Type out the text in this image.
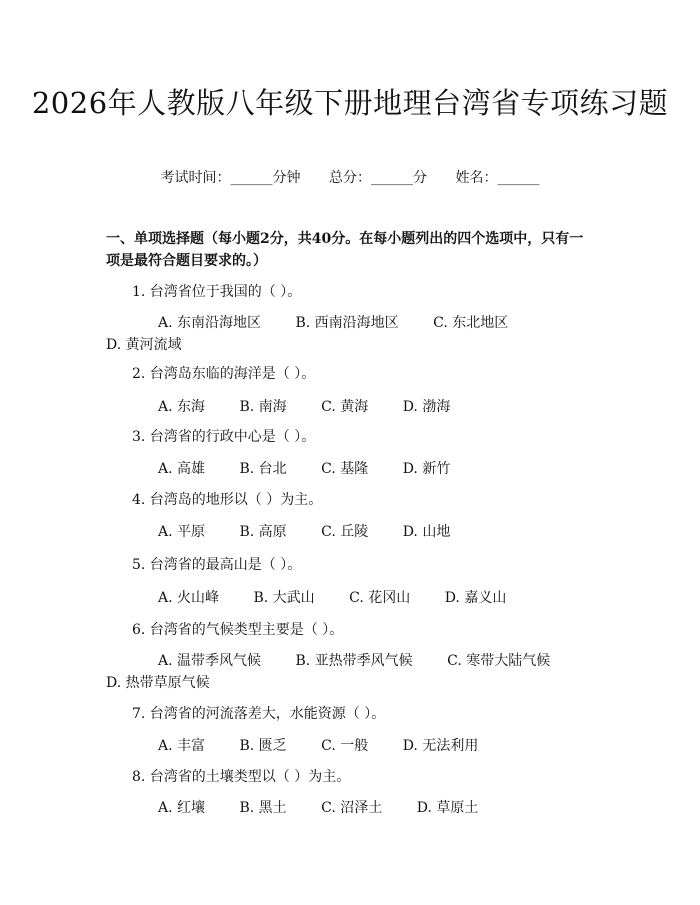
2026年人教版八年级下册地理台湾省专项练习题
考试时间：______分钟 总分：______分 姓名：______
一、单项选择题（每小题2分，共40分。在每小题列出的四个选项中，只有一项是最符合题目要求的。）
1. 台湾省位于我国的（ ）。
A. 东南沿海地区 B. 西南沿海地区 C. 东北地区 D. 黄河流域
2. 台湾岛东临的海洋是（ ）。
A. 东海 B. 南海 C. 黄海 D. 渤海
3. 台湾省的行政中心是（ ）。
A. 高雄 B. 台北 C. 基隆 D. 新竹
4. 台湾岛的地形以（ ）为主。
A. 平原 B. 高原 C. 丘陵 D. 山地
5. 台湾省的最高山是（ ）。
A. 火山峰 B. 大武山 C. 花冈山 D. 嘉义山
6. 台湾省的气候类型主要是（ ）。
A. 温带季风气候 B. 亚热带季风气候 C. 寒带大陆气候 D. 热带草原气候
7. 台湾省的河流落差大，水能资源（ ）。
A. 丰富 B. 匮乏 C. 一般 D. 无法利用
8. 台湾省的土壤类型以（ ）为主。
A. 红壤 B. 黑土 C. 沼泽土 D. 草原土
